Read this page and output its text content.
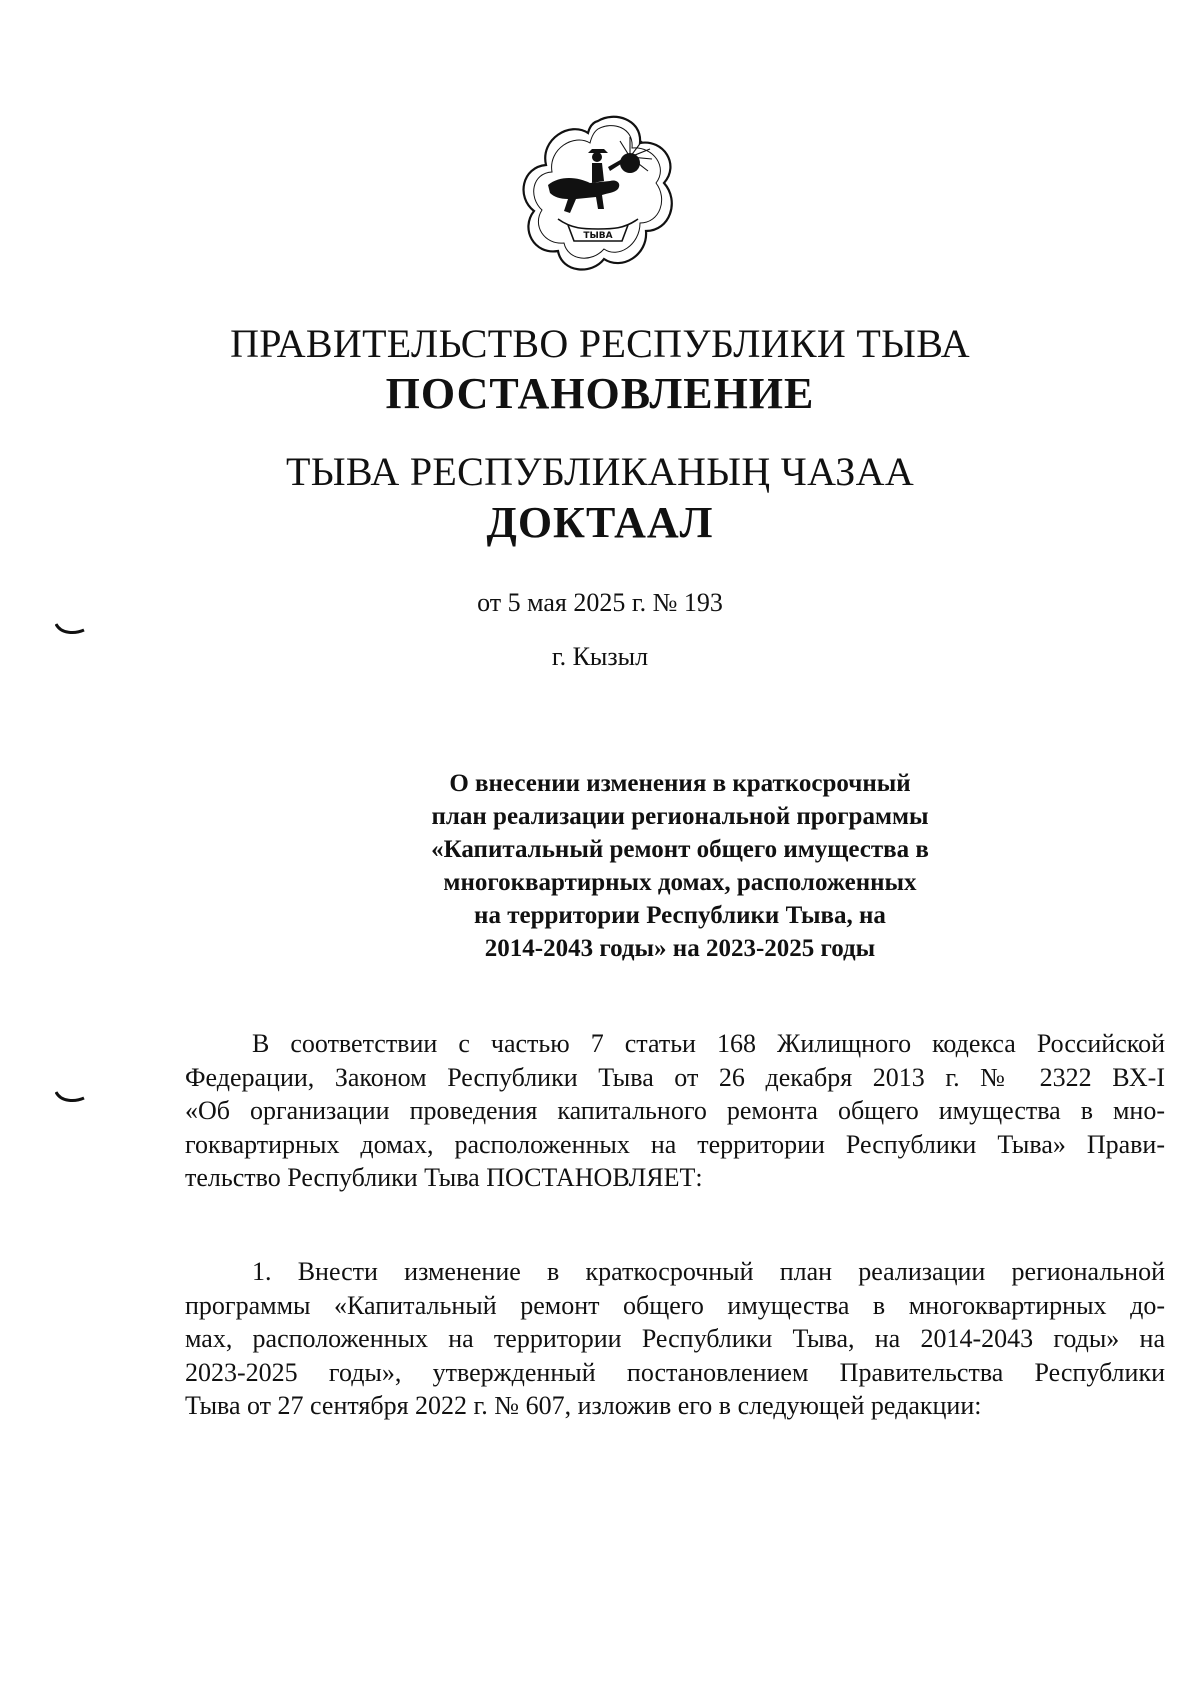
ТЫВА
ПРАВИТЕЛЬСТВО РЕСПУБЛИКИ ТЫВА
ПОСТАНОВЛЕНИЕ
ТЫВА РЕСПУБЛИКАНЫҢ ЧАЗАА
ДОКТААЛ
от 5 мая 2025 г. № 193
г. Кызыл
О внесении изменения в краткосрочный
план реализации региональной программы
«Капитальный ремонт общего имущества в
многоквартирных домах, расположенных
на территории Республики Тыва, на
2014-2043 годы» на 2023-2025 годы
В соответствии с частью 7 статьи 168 Жилищного кодекса Российской
Федерации, Законом Республики Тыва от 26 декабря 2013 г. № 2322 ВХ-I
«Об организации проведения капитального ремонта общего имущества в мно-
гоквартирных домах, расположенных на территории Республики Тыва» Прави-
тельство Республики Тыва ПОСТАНОВЛЯЕТ:
1. Внести изменение в краткосрочный план реализации региональной
программы «Капитальный ремонт общего имущества в многоквартирных до-
мах, расположенных на территории Республики Тыва, на 2014-2043 годы» на
2023-2025 годы», утвержденный постановлением Правительства Республики
Тыва от 27 сентября 2022 г. № 607, изложив его в следующей редакции:
